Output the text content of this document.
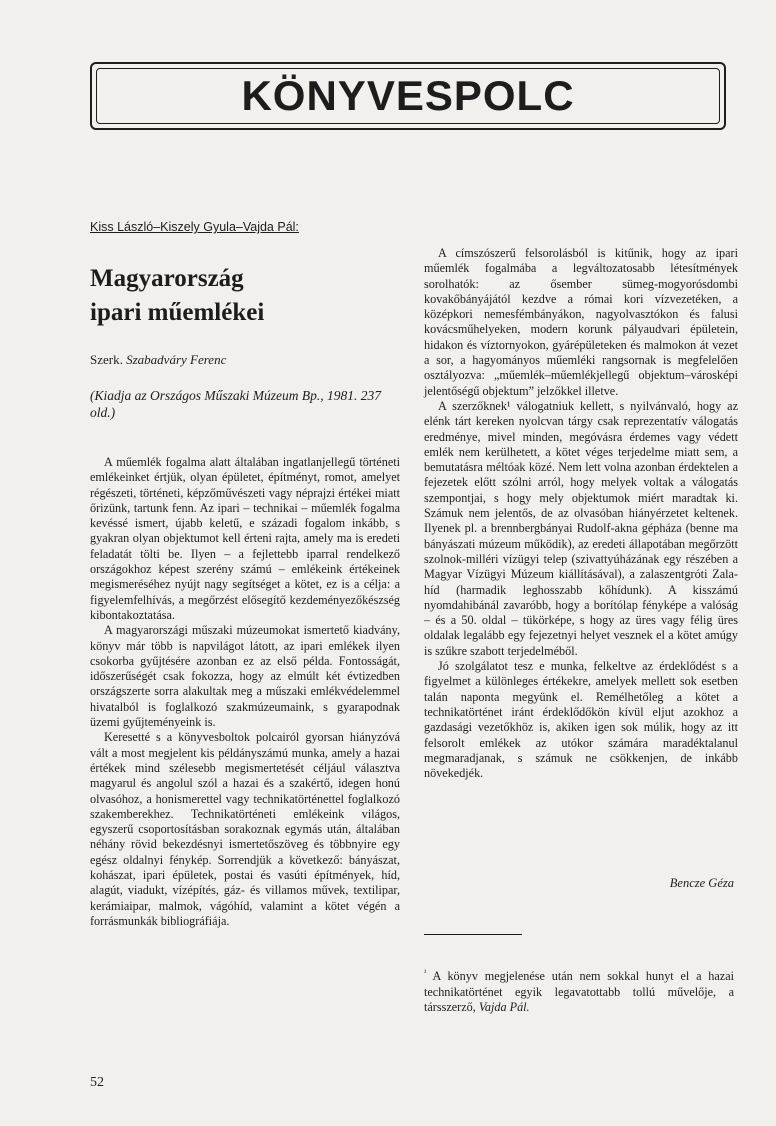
KÖNYVESPOLC
Kiss László–Kiszely Gyula–Vajda Pál:
Magyarország
ipari műemlékei
Szerk. Szabadváry Ferenc
(Kiadja az Országos Műszaki Múzeum Bp., 1981. 237 old.)

A műemlék fogalma alatt általában ingatlanjellegű történeti emlékeinket értjük, olyan épületet, építményt, romot, amelyet régészeti, történeti, képzőművészeti vagy néprajzi értékei miatt őrizünk, tartunk fenn. Az ipari – technikai – műemlék fogalma kevéssé ismert, újabb keletű, e századi fogalom inkább, s gyakran olyan objektumot kell érteni rajta, amely ma is eredeti feladatát tölti be. Ilyen – a fejlettebb iparral rendelkező országokhoz képest szerény számú – emlékeink értékeinek megismeréséhez nyújt nagy segítséget a kötet, ez is a célja: a figyelemfelhívás, a megőrzést elősegítő kezdeményezőkészség kibontakoztatása.

A magyarországi műszaki múzeumokat ismertető kiadvány, könyv már több is napvilágot látott, az ipari emlékek ilyen csokorba gyűjtésére azonban ez az első példa. Fontosságát, időszerűségét csak fokozza, hogy az elmúlt két évtizedben országszerte sorra alakultak meg a műszaki emlékvédelemmel hivatalból is foglalkozó szakmúzeumaink, s gyarapodnak üzemi gyűjteményeink is.

Keresetté s a könyvesboltok polcairól gyorsan hiányzóvá vált a most megjelent kis példányszámú munka, amely a hazai értékek mind szélesebb megismertetését céljául választva magyarul és angolul szól a hazai és a szakértő, idegen honú olvasóhoz, a honismerettel vagy technikatörténettel foglalkozó szakemberekhez. Technikatörténeti emlékeink világos, egyszerű csoportosításban sorakoznak egymás után, általában néhány rövid bekezdésnyi ismertetőszöveg és többnyire egy egész oldalnyi fénykép. Sorrendjük a következő: bányászat, kohászat, ipari épületek, postai és vasúti építmények, híd, alagút, viadukt, vízépítés, gáz- és villamos művek, textilipar, kerámiaipar, malmok, vágóhíd, valamint a kötet végén a forrásmunkák bibliográfiája.

A címszószerű felsorolásból is kitűnik, hogy az ipari műemlék fogalmába a legváltozatosabb létesítmények sorolhatók: az ősember sümeg-mogyorósdombi kovakőbányájától kezdve a római kori vízvezetéken, a középkori nemesfémbányákon, nagyolvasztókon és falusi kovácsműhelyeken, modern korunk pályaudvari épületein, hidakon és víztornyokon, gyárépületeken és malmokon át vezet a sor, a hagyományos műemléki rangsornak is megfelelően osztályozva: „műemlék–műemlékjellegű objektum–városképi jelentőségű objektum” jelzőkkel illetve.

A szerzőknek¹ válogatniuk kellett, s nyilvánvaló, hogy az elénk tárt kereken nyolcvan tárgy csak reprezentatív válogatás eredménye, mivel minden, megóvásra érdemes vagy védett emlék nem kerülhetett, a kötet véges terjedelme miatt sem, a bemutatásra méltóak közé. Nem lett volna azonban érdektelen a fejezetek előtt szólni arról, hogy melyek voltak a válogatás szempontjai, s hogy mely objektumok miért maradtak ki. Számuk nem jelentős, de az olvasóban hiányérzetet keltenek. Ilyenek pl. a brennbergbányai Rudolf-akna gépháza (benne ma bányászati múzeum működik), az eredeti állapotában megőrzött szolnok-milléri vízügyi telep (szivattyúházának egy részében a Magyar Vízügyi Múzeum kiállításával), a zalaszentgróti Zala-híd (harmadik leghosszabb kőhídunk). A kisszámú nyomdahibánál zavaróbb, hogy a borítólap fényképe a valóság – és a 50. oldal – tükörképe, s hogy az üres vagy félig üres oldalak legalább egy fejezetnyi helyet vesznek el a kötet amúgy is szűkre szabott terjedelméből.

Jó szolgálatot tesz e munka, felkeltve az érdeklődést s a figyelmet a különleges értékekre, amelyek mellett sok esetben talán naponta megyünk el. Remélhetőleg a kötet a technikatörténet iránt érdeklődőkön kívül eljut azokhoz a gazdasági vezetőkhöz is, akiken igen sok múlik, hogy az itt felsorolt emlékek az utókor számára maradéktalanul megmaradjanak, s számuk ne csökkenjen, de inkább növekedjék.

Bencze Géza
$^{^1}$ A könyv megjelenése után nem sokkal hunyt el a hazai technikatörténet egyik legavatottabb tollú művelője, a társszerző, Vajda Pál.
52
